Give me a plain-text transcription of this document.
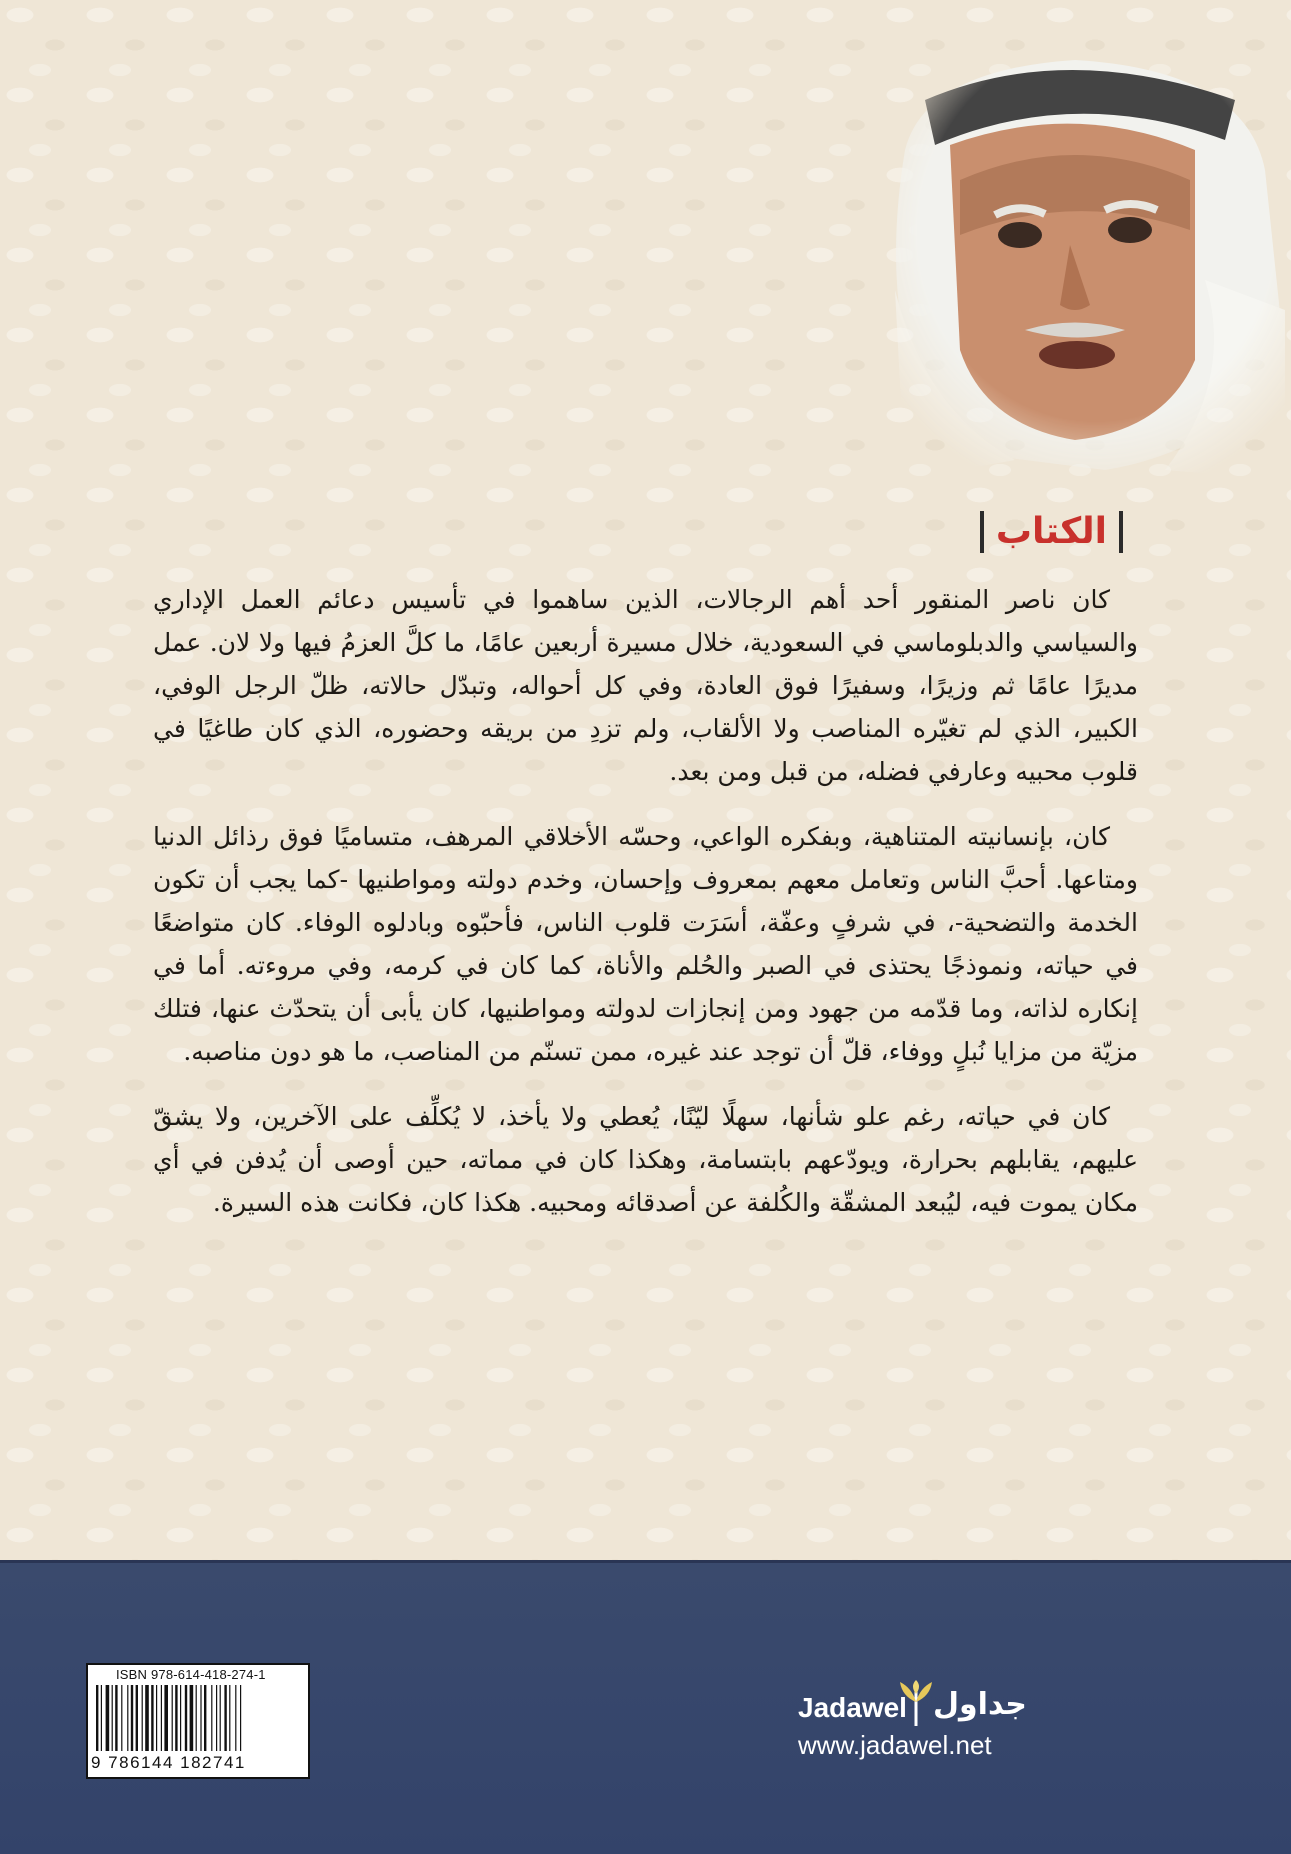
الكتاب

كان ناصر المنقور أحد أهم الرجالات، الذين ساهموا في تأسيس دعائم العمل الإداري والسياسي والدبلوماسي في السعودية، خلال مسيرة أربعين عامًا، ما كلَّ العزمُ فيها ولا لان. عمل مديرًا عامًا ثم وزيرًا، وسفيرًا فوق العادة، وفي كل أحواله، وتبدّل حالاته، ظلّ الرجل الوفي، الكبير، الذي لم تغيّره المناصب ولا الألقاب، ولم تزدِ من بريقه وحضوره، الذي كان طاغيًا في قلوب محبيه وعارفي فضله، من قبل ومن بعد.

كان، بإنسانيته المتناهية، وبفكره الواعي، وحسّه الأخلاقي المرهف، متساميًا فوق رذائل الدنيا ومتاعها. أحبَّ الناس وتعامل معهم بمعروف وإحسان، وخدم دولته ومواطنيها -كما يجب أن تكون الخدمة والتضحية-، في شرفٍ وعفّة، أسَرَت قلوب الناس، فأحبّوه وبادلوه الوفاء. كان متواضعًا في حياته، ونموذجًا يحتذى في الصبر والحُلم والأناة، كما كان في كرمه، وفي مروءته. أما في إنكاره لذاته، وما قدّمه من جهود ومن إنجازات لدولته ومواطنيها، كان يأبى أن يتحدّث عنها، فتلك مزيّة من مزايا نُبلٍ ووفاء، قلّ أن توجد عند غيره، ممن تسنّم من المناصب، ما هو دون مناصبه.

كان في حياته، رغم علو شأنها، سهلًا ليّنًا، يُعطي ولا يأخذ، لا يُكلِّف على الآخرين، ولا يشقّ عليهم، يقابلهم بحرارة، ويودّعهم بابتسامة، وهكذا كان في مماته، حين أوصى أن يُدفن في أي مكان يموت فيه، ليُبعد المشقّة والكُلفة عن أصدقائه ومحبيه. هكذا كان، فكانت هذه السيرة.

ISBN 978-614-418-274-1
9 786144 182741
Jadawel جداول
www.jadawel.net
